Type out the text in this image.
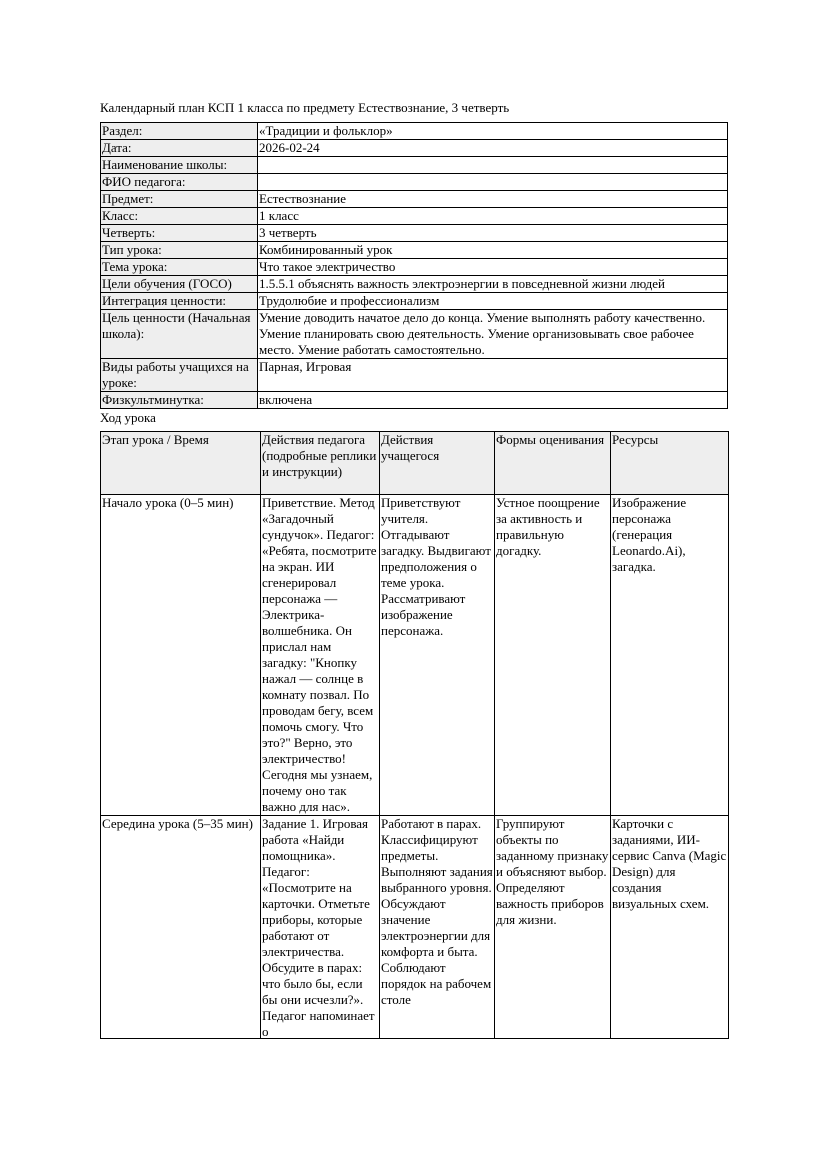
Календарный план КСП 1 класса по предмету Естествознание, 3 четверть
Раздел:	«Традиции и фольклор»
Дата:	2026-02-24
Наименование школы:	
ФИО педагога:	
Предмет:	Естествознание
Класс:	1 класс
Четверть:	3 четверть
Тип урока:	Комбинированный урок
Тема урока:	Что такое электричество
Цели обучения (ГОСО)	1.5.5.1 объяснять важность электроэнергии в повседневной жизни людей
Интеграция ценности:	Трудолюбие и профессионализм
Цель ценности (Начальная школа):	Умение доводить начатое дело до конца. Умение выполнять работу качественно. Умение планировать свою деятельность. Умение организовывать свое рабочее место. Умение работать самостоятельно.
Виды работы учащихся на уроке:	Парная, Игровая
Физкультминутка:	включена
Ход урока
Этап урока / Время	Действия педагога (подробные реплики и инструкции)	Действия учащегося	Формы оценивания	Ресурсы
Начало урока (0–5 мин)	Приветствие. Метод «Загадочный сундучок». Педагог: «Ребята, посмотрите на экран. ИИ сгенерировал персонажа — Электрика-волшебника. Он прислал нам загадку: "Кнопку нажал — солнце в комнату позвал. По проводам бегу, всем помочь смогу. Что это?" Верно, это электричество! Сегодня мы узнаем, почему оно так важно для нас».	Приветствуют учителя. Отгадывают загадку. Выдвигают предположения о теме урока. Рассматривают изображение персонажа.	Устное поощрение за активность и правильную догадку.	Изображение персонажа (генерация Leonardo.Ai), загадка.

Середина урока (5–35 мин)	Задание 1. Игровая работа «Найди помощника». Педагог: «Посмотрите на карточки. Отметьте приборы, которые работают от электричества. Обсудите в парах: что было бы, если бы они исчезли?». Педагог напоминает о	Работают в парах. Классифицируют предметы. Выполняют задания выбранного уровня. Обсуждают значение электроэнергии для комфорта и быта. Соблюдают порядок на рабочем столе	Группируют объекты по заданному признаку и объясняют выбор. Определяют важность приборов для жизни.	Карточки с заданиями, ИИ-сервис Canva (Magic Design) для создания визуальных схем.
